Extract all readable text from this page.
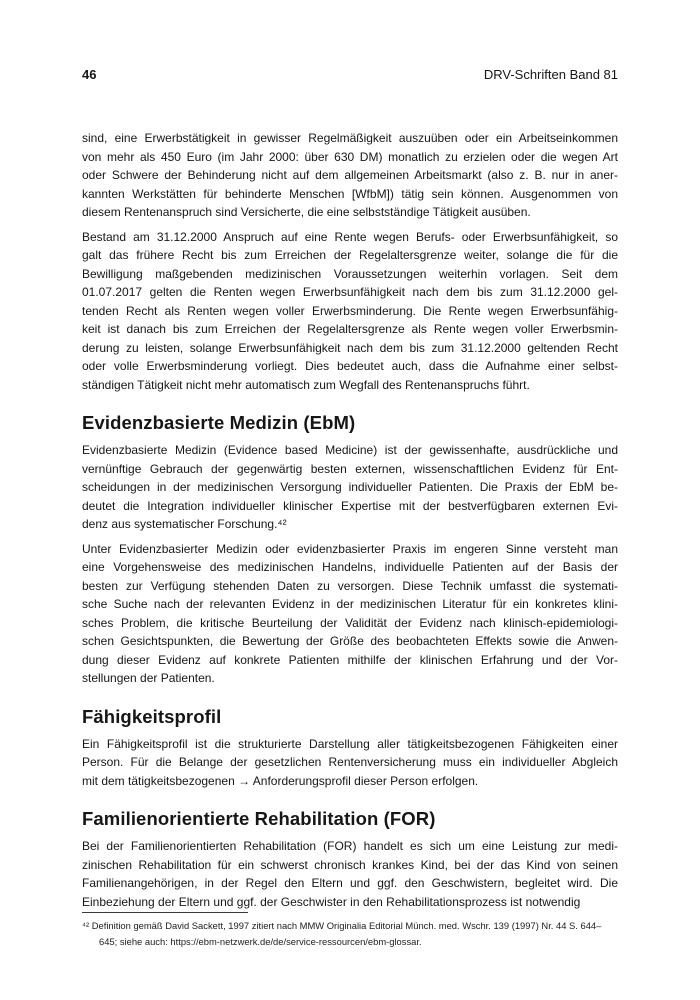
46	DRV-Schriften Band 81
sind, eine Erwerbstätigkeit in gewisser Regelmäßigkeit auszuüben oder ein Arbeitseinkommen
von mehr als 450 Euro (im Jahr 2000: über 630 DM) monatlich zu erzielen oder die wegen Art
oder Schwere der Behinderung nicht auf dem allgemeinen Arbeitsmarkt (also z. B. nur in aner-
kannten Werkstätten für behinderte Menschen [WfbM]) tätig sein können. Ausgenommen von
diesem Rentenanspruch sind Versicherte, die eine selbstständige Tätigkeit ausüben.
Bestand am 31.12.2000 Anspruch auf eine Rente wegen Berufs- oder Erwerbsunfähigkeit, so
galt das frühere Recht bis zum Erreichen der Regelaltersgrenze weiter, solange die für die
Bewilligung maßgebenden medizinischen Voraussetzungen weiterhin vorlagen. Seit dem
01.07.2017 gelten die Renten wegen Erwerbsunfähigkeit nach dem bis zum 31.12.2000 gel-
tenden Recht als Renten wegen voller Erwerbsminderung. Die Rente wegen Erwerbsunfähig-
keit ist danach bis zum Erreichen der Regelaltersgrenze als Rente wegen voller Erwerbsmin-
derung zu leisten, solange Erwerbsunfähigkeit nach dem bis zum 31.12.2000 geltenden Recht
oder volle Erwerbsminderung vorliegt. Dies bedeutet auch, dass die Aufnahme einer selbst-
ständigen Tätigkeit nicht mehr automatisch zum Wegfall des Rentenanspruchs führt.
Evidenzbasierte Medizin (EbM)
Evidenzbasierte Medizin (Evidence based Medicine) ist der gewissenhafte, ausdrückliche und
vernünftige Gebrauch der gegenwärtig besten externen, wissenschaftlichen Evidenz für Ent-
scheidungen in der medizinischen Versorgung individueller Patienten. Die Praxis der EbM be-
deutet die Integration individueller klinischer Expertise mit der bestverfügbaren externen Evi-
denz aus systematischer Forschung.⁴²
Unter Evidenzbasierter Medizin oder evidenzbasierter Praxis im engeren Sinne versteht man
eine Vorgehensweise des medizinischen Handelns, individuelle Patienten auf der Basis der
besten zur Verfügung stehenden Daten zu versorgen. Diese Technik umfasst die systemati-
sche Suche nach der relevanten Evidenz in der medizinischen Literatur für ein konkretes klini-
sches Problem, die kritische Beurteilung der Validität der Evidenz nach klinisch-epidemiologi-
schen Gesichtspunkten, die Bewertung der Größe des beobachteten Effekts sowie die Anwen-
dung dieser Evidenz auf konkrete Patienten mithilfe der klinischen Erfahrung und der Vor-
stellungen der Patienten.
Fähigkeitsprofil
Ein Fähigkeitsprofil ist die strukturierte Darstellung aller tätigkeitsbezogenen Fähigkeiten einer
Person. Für die Belange der gesetzlichen Rentenversicherung muss ein individueller Abgleich
mit dem tätigkeitsbezogenen → Anforderungsprofil dieser Person erfolgen.
Familienorientierte Rehabilitation (FOR)
Bei der Familienorientierten Rehabilitation (FOR) handelt es sich um eine Leistung zur medi-
zinischen Rehabilitation für ein schwerst chronisch krankes Kind, bei der das Kind von seinen
Familienangehörigen, in der Regel den Eltern und ggf. den Geschwistern, begleitet wird. Die
Einbeziehung der Eltern und ggf. der Geschwister in den Rehabilitationsprozess ist notwendig
⁴² Definition gemäß David Sackett, 1997 zitiert nach MMW Originalia Editorial Münch. med. Wschr. 139 (1997) Nr. 44 S. 644–
645; siehe auch: https://ebm-netzwerk.de/de/service-ressourcen/ebm-glossar.
